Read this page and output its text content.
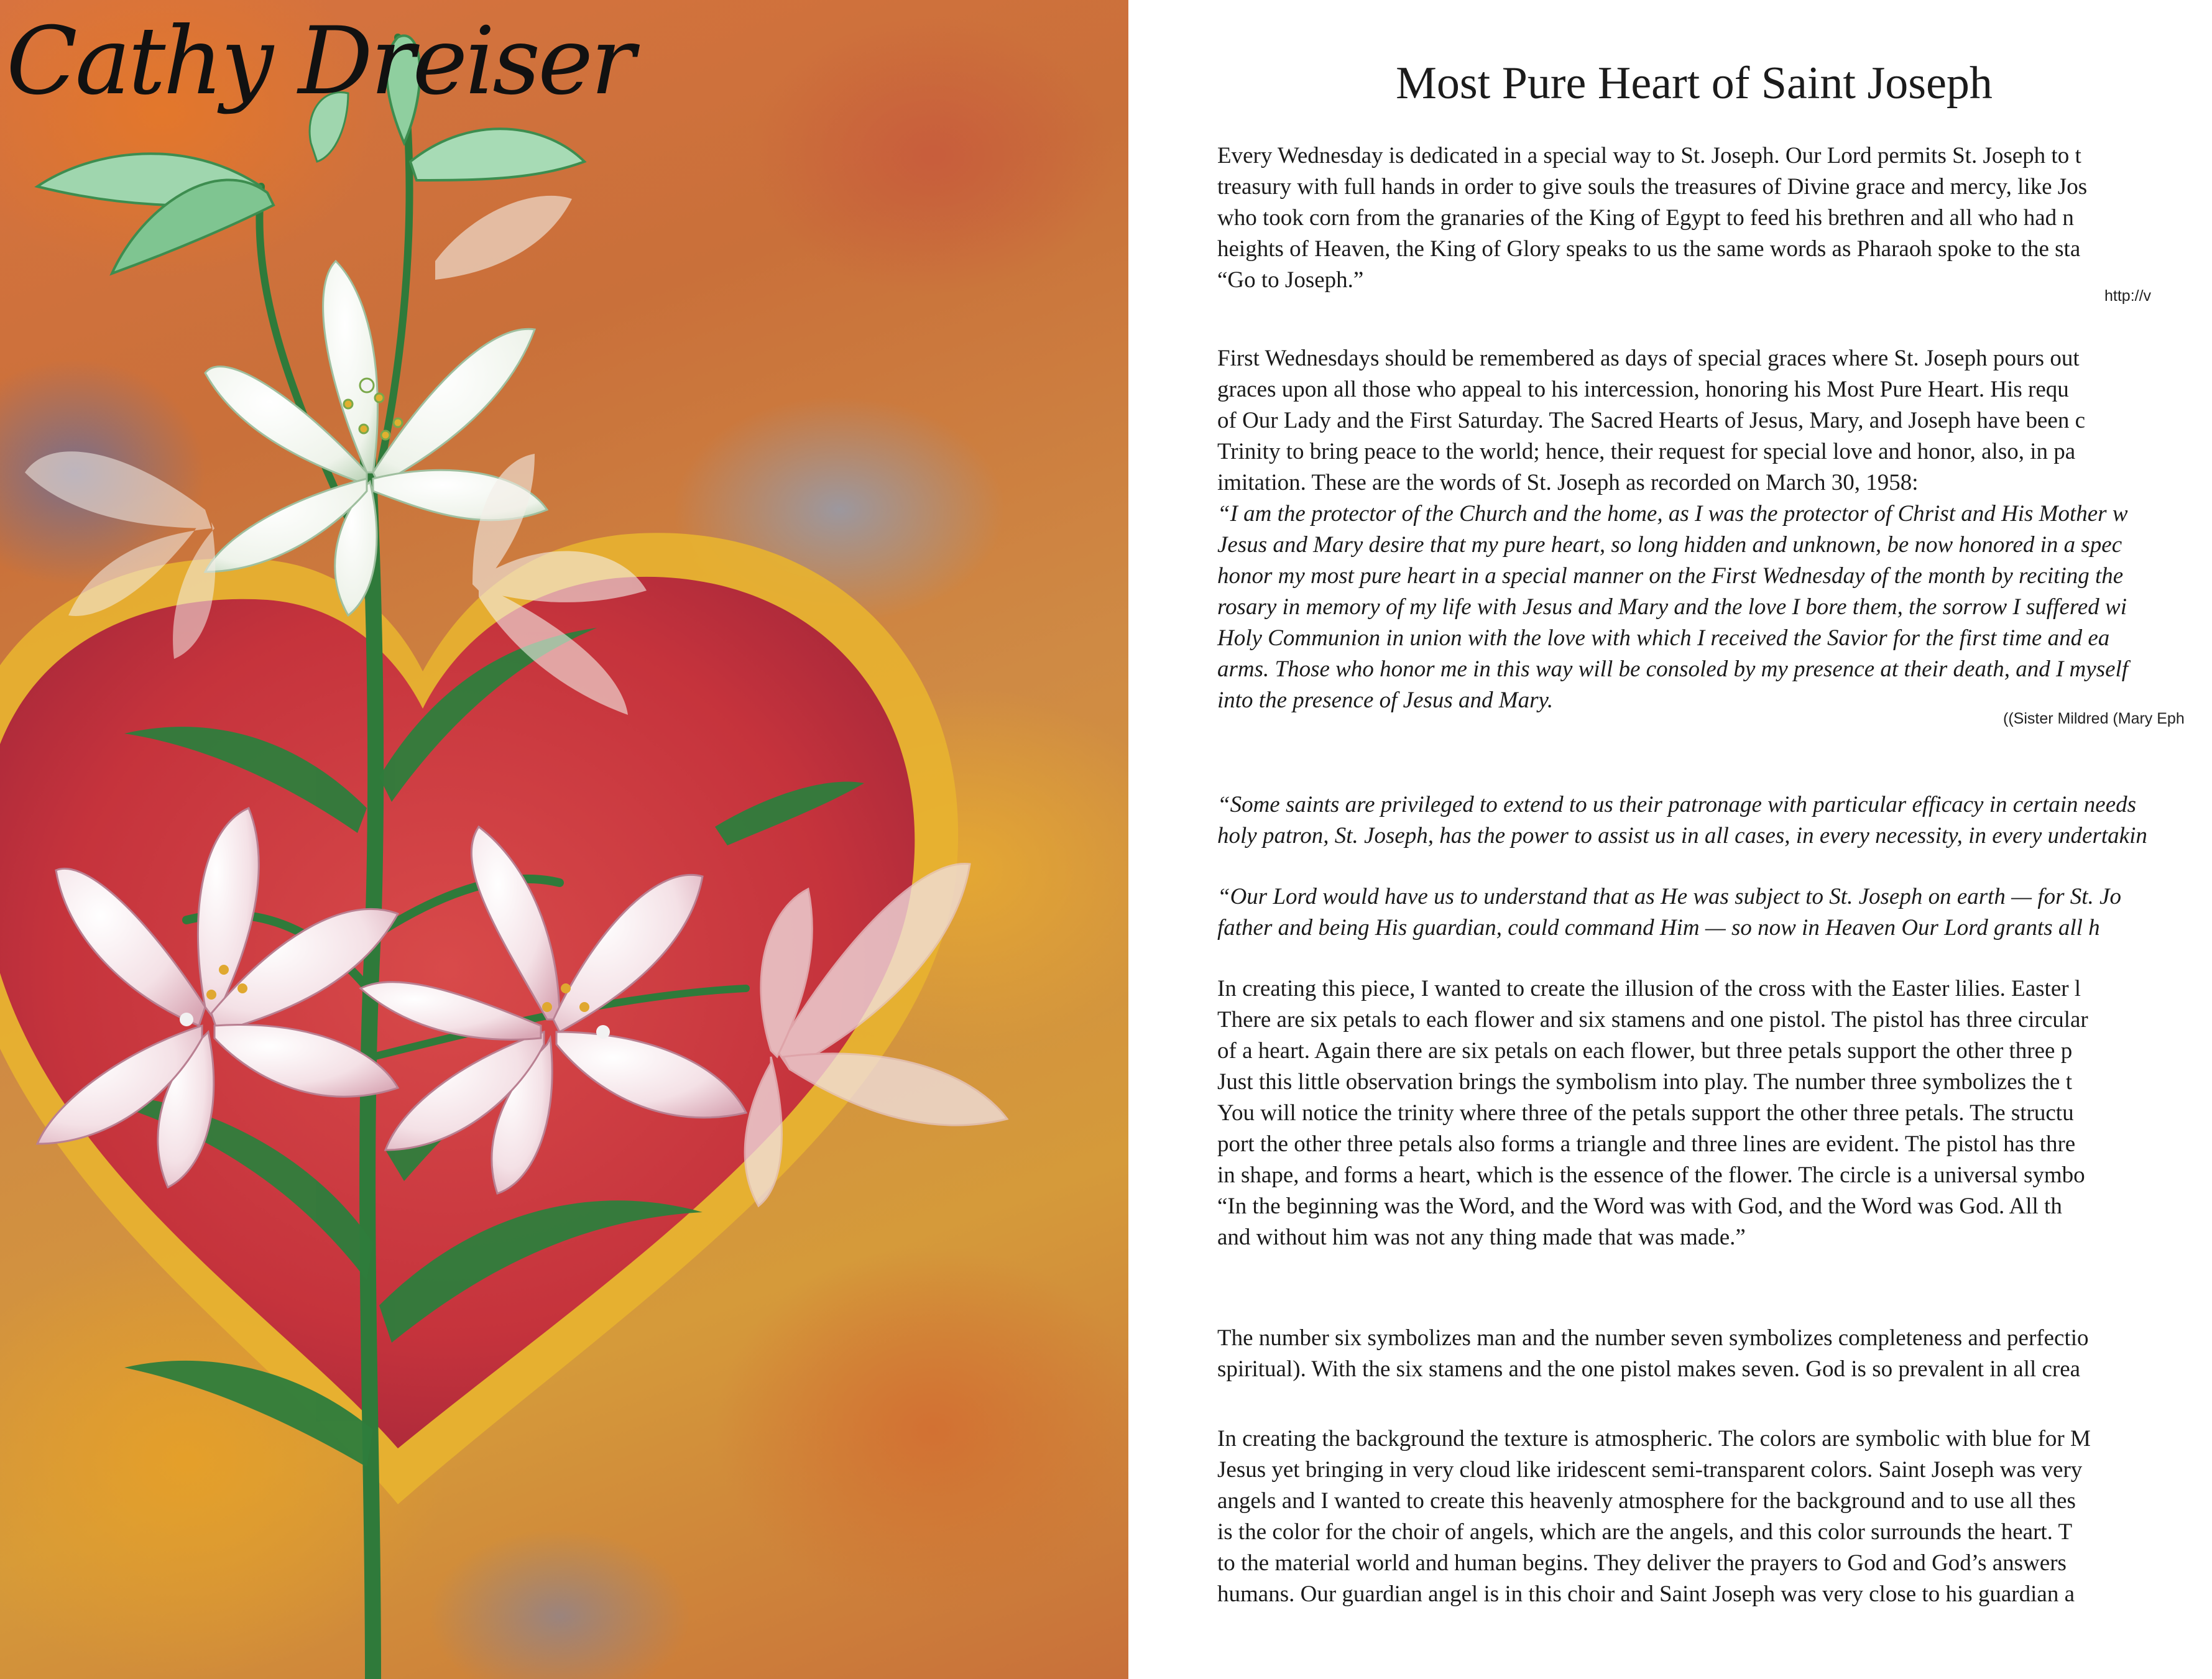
Cathy Dreiser	Most Pure Heart of Saint Joseph
Every Wednesday is dedicated in a special way to St. Joseph. Our Lord permits St. Joseph to t
treasury with full hands in order to give souls the treasures of Divine grace and mercy, like Jos
who took corn from the granaries of the King of Egypt to feed his brethren and all who had n
heights of Heaven, the King of Glory speaks to us the same words as Pharaoh spoke to the sta
“Go to Joseph.”
http://v
First Wednesdays should be remembered as days of special graces where St. Joseph pours out
graces upon all those who appeal to his intercession, honoring his Most Pure Heart. His requ
of Our Lady and the First Saturday. The Sacred Hearts of Jesus, Mary, and Joseph have been c
Trinity to bring peace to the world; hence, their request for special love and honor, also, in pa
imitation. These are the words of St. Joseph as recorded on March 30, 1958:
“I am the protector of the Church and the home, as I was the protector of Christ and His Mother w
Jesus and Mary desire that my pure heart, so long hidden and unknown, be now honored in a spec
honor my most pure heart in a special manner on the First Wednesday of the month by reciting the
rosary in memory of my life with Jesus and Mary and the love I bore them, the sorrow I suffered wi
Holy Communion in union with the love with which I received the Savior for the first time and ea
arms. Those who honor me in this way will be consoled by my presence at their death, and I myself
into the presence of Jesus and Mary.
((Sister Mildred (Mary Eph
“Some saints are privileged to extend to us their patronage with particular efficacy in certain needs
holy patron, St. Joseph, has the power to assist us in all cases, in every necessity, in every undertakin
“Our Lord would have us to understand that as He was subject to St. Joseph on earth — for St. Jo
father and being His guardian, could command Him — so now in Heaven Our Lord grants all h
In creating this piece, I wanted to create the illusion of the cross with the Easter lilies. Easter l
There are six petals to each flower and six stamens and one pistol. The pistol has three circular
of a heart. Again there are six petals on each flower, but three petals support the other three p
Just this little observation brings the symbolism into play. The number three symbolizes the t
You will notice the trinity where three of the petals support the other three petals. The structu
port the other three petals also forms a triangle and three lines are evident. The pistol has thre
in shape, and forms a heart, which is the essence of the flower. The circle is a universal symbo
“In the beginning was the Word, and the Word was with God, and the Word was God. All th
and without him was not any thing made that was made.”
The number six symbolizes man and the number seven symbolizes completeness and perfectio
spiritual). With the six stamens and the one pistol makes seven. God is so prevalent in all crea
In creating the background the texture is atmospheric. The colors are symbolic with blue for M
Jesus yet bringing in very cloud like iridescent semi-transparent colors. Saint Joseph was very
angels and I wanted to create this heavenly atmosphere for the background and to use all thes
is the color for the choir of angels, which are the angels, and this color surrounds the heart. T
to the material world and human begins. They deliver the prayers to God and God’s answers
humans. Our guardian angel is in this choir and Saint Joseph was very close to his guardian a
